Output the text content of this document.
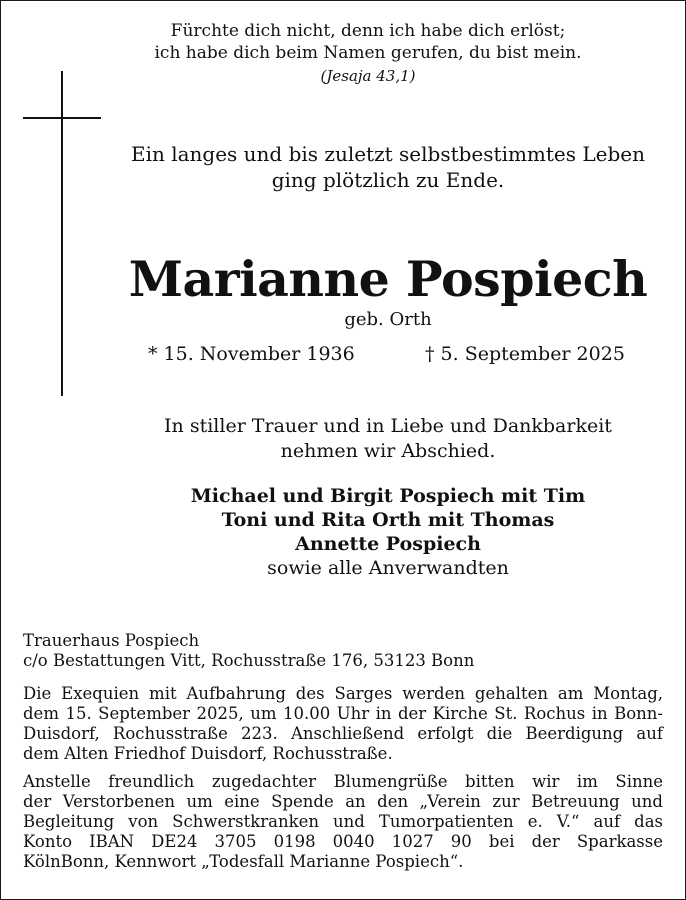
Fürchte dich nicht, denn ich habe dich erlöst;
ich habe dich beim Namen gerufen, du bist mein.
(Jesaja 43,1)
Ein langes und bis zuletzt selbstbestimmtes Leben
ging plötzlich zu Ende.
Marianne Pospiech
geb. Orth
* 15. November 1936	† 5. September 2025
In stiller Trauer und in Liebe und Dankbarkeit
nehmen wir Abschied.
Michael und Birgit Pospiech mit Tim
Toni und Rita Orth mit Thomas
Annette Pospiech
sowie alle Anverwandten
Trauerhaus Pospiech
c/o Bestattungen Vitt, Rochusstraße 176, 53123 Bonn
Die Exequien mit Aufbahrung des Sarges werden gehalten am Montag,
dem 15. September 2025, um 10.00 Uhr in der Kirche St. Rochus in Bonn-
Duisdorf, Rochusstraße 223. Anschließend erfolgt die Beerdigung auf
dem Alten Friedhof Duisdorf, Rochusstraße.
Anstelle freundlich zugedachter Blumengrüße bitten wir im Sinne
der Verstorbenen um eine Spende an den „Verein zur Betreuung und
Begleitung von Schwerstkranken und Tumorpatienten e. V.“ auf das
Konto IBAN DE24 3705 0198 0040 1027 90 bei der Sparkasse
KölnBonn, Kennwort „Todesfall Marianne Pospiech“.
